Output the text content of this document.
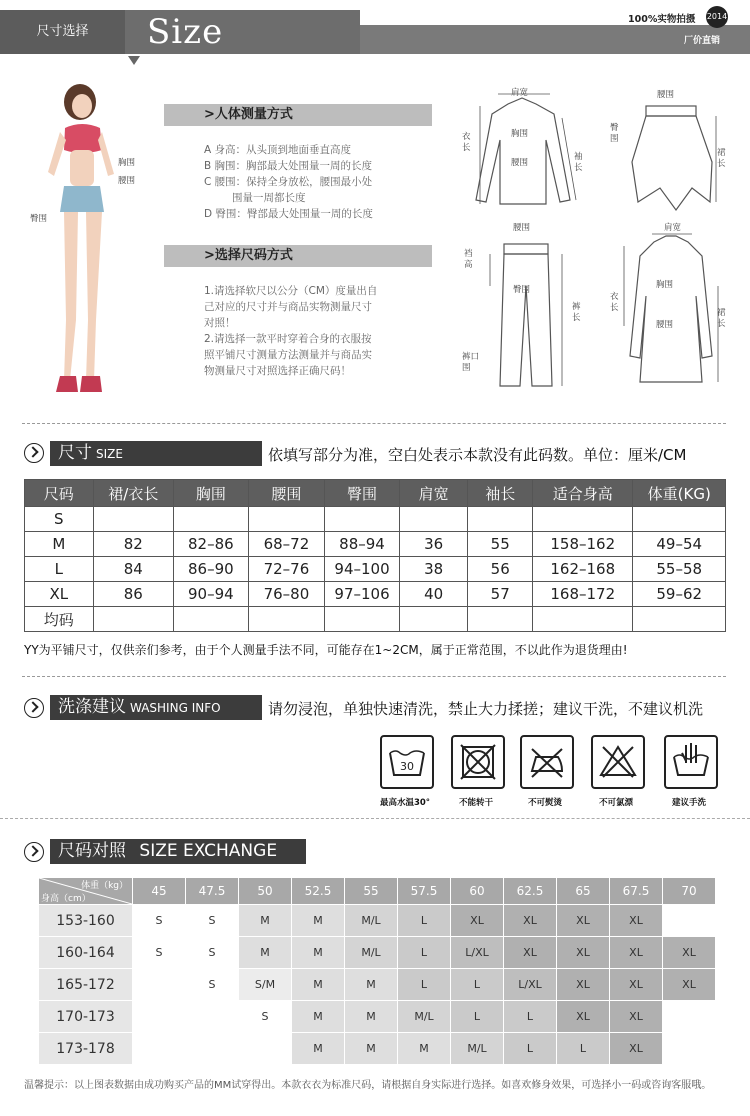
尺寸选择	Size	100%实物拍摄 2014
厂价直销
胸围
腰围
臀围
>人体测量方式
A 身高：从头顶到地面垂直高度
B 胸围：胸部最大处围量一周的长度
C 腰围：保持全身放松，腰围最小处
围量一周都长度
D 臀围：臀部最大处围量一周的长度
>选择尺码方式
1.请选择软尺以公分（CM）度量出自
己对应的尺寸并与商品实物测量尺寸
对照！
2.请选择一款平时穿着合身的衣服按
照平铺尺寸测量方法测量并与商品实
物测量尺寸对照选择正确尺码！
肩宽
胸围
腰围
衣长
袖长
腰围
臀围
裙长
腰围
裆高
臀围
裤长
裤口围
肩宽
胸围
腰围
衣长	裙长
尺寸 SIZE	依填写部分为准，空白处表示本款没有此码数。单位：厘米/CM
尺码	裙/衣长	胸围	腰围	臀围	肩宽	袖长	适合身高	体重(KG)
S								
M	82	82–86	68–72	88–94	36	55	158–162	49–54
L	84	86–90	72–76	94–100	38	56	162–168	55–58
XL	86	90–94	76–80	97–106	40	57	168–172	59–62
均码								
YY为平铺尺寸，仅供亲们参考，由于个人测量手法不同，可能存在1~2CM，属于正常范围，不以此作为退货理由!
洗涤建议 WASHING INFO	请勿浸泡，单独快速清洗，禁止大力揉搓；建议干洗，不建议机洗
30
最高水温30°	不能转干	不可熨烫	不可氯漂	建议手洗
尺码对照 SIZE EXCHANGE
体重（kg）
身高（cm）	45	47.5	50	52.5	55	57.5	60	62.5	65	67.5	70
153-160	S	S	M	M	M/L	L	XL	XL	XL	XL	
160-164	S	S	M	M	M/L	L	L/XL	XL	XL	XL	XL
165-172		S	S/M	M	M	L	L	L/XL	XL	XL	XL
170-173			S	M	M	M/L	L	L	XL	XL	
173-178				M	M	M	M/L	L	L	XL	
温馨提示：以上图表数据由成功购买产品的MM试穿得出。本款衣衣为标准尺码，请根据自身实际进行选择。如喜欢修身效果，可选择小一码或咨询客服哦。
